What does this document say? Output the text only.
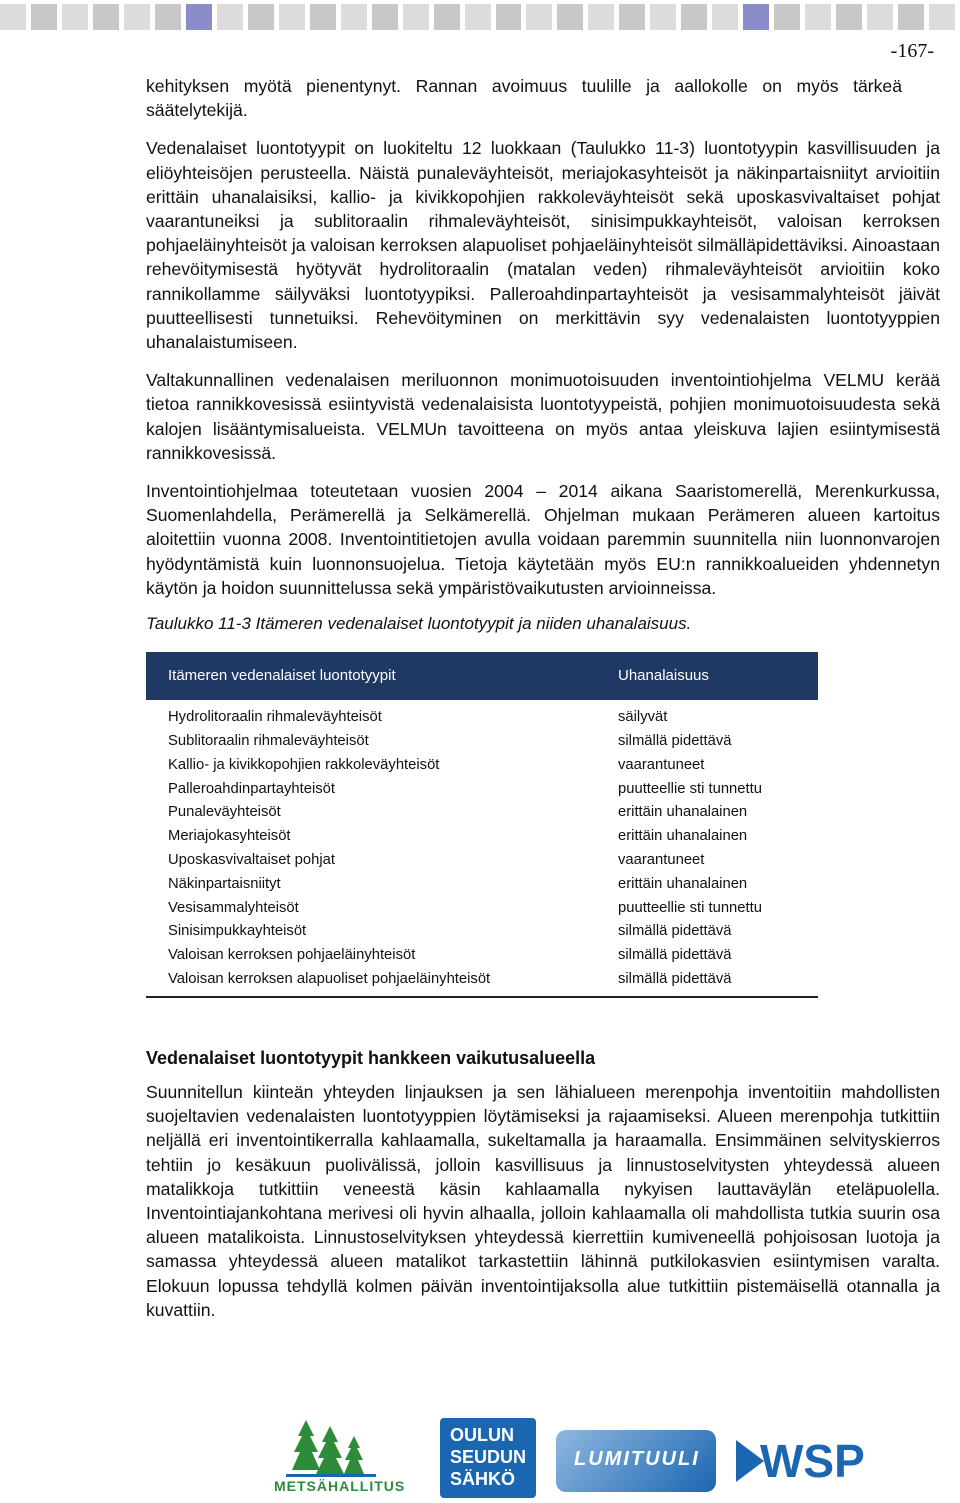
-167-

kehityksen myötä pienentynyt. Rannan avoimuus tuulille ja aallokolle on myös tärkeä säätelytekijä.

Vedenalaiset luontotyypit on luokiteltu 12 luokkaan (Taulukko 11-3) luontotyypin kasvillisuuden ja eliöyhteisöjen perusteella. Näistä punaleväyhteisöt, meriajokasyhteisöt ja näkinpartaisniityt arvioitiin erittäin uhanalaisiksi, kallio- ja kivikkopohjien rakkoleväyhteisöt sekä uposkasvivaltaiset pohjat vaarantuneiksi ja sublitoraalin rihmaleväyhteisöt, sinisimpukkayhteisöt, valoisan kerroksen pohjaeläinyhteisöt ja valoisan kerroksen alapuoliset pohjaeläinyhteisöt silmälläpidettäviksi. Ainoastaan rehevöitymisestä hyötyvät hydrolitoraalin (matalan veden) rihmaleväyhteisöt arvioitiin koko rannikollamme säilyväksi luontotyypiksi. Palleroahdinpartayhteisöt ja vesisammalyhteisöt jäivät puutteellisesti tunnetuiksi. Rehevöityminen on merkittävin syy vedenalaisten luontotyyppien uhanalaistumiseen.

Valtakunnallinen vedenalaisen meriluonnon monimuotoisuuden inventointiohjelma VELMU kerää tietoa rannikkovesissä esiintyvistä vedenalaisista luontotyypeistä, pohjien monimuotoisuudesta sekä kalojen lisääntymisalueista. VELMUn tavoitteena on myös antaa yleiskuva lajien esiintymisestä rannikkovesissä.

Inventointiohjelmaa toteutetaan vuosien 2004 – 2014 aikana Saaristomerellä, Merenkurkussa, Suomenlahdella, Perämerellä ja Selkämerellä. Ohjelman mukaan Perämeren alueen kartoitus aloitettiin vuonna 2008. Inventointitietojen avulla voidaan paremmin suunnitella niin luonnonvarojen hyödyntämistä kuin luonnonsuojelua. Tietoja käytetään myös EU:n rannikkoalueiden yhdennetyn käytön ja hoidon suunnittelussa sekä ympäristövaikutusten arvioinneissa.

Taulukko 11-3 Itämeren vedenalaiset luontotyypit ja niiden uhanalaisuus.
Itämeren vedenalaiset luontotyypit	Uhanalaisuus
Hydrolitoraalin rihmaleväyhteisöt	säilyvät
Sublitoraalin rihmaleväyhteisöt	silmällä pidettävä
Kallio- ja kivikkopohjien rakkoleväyhteisöt	vaarantuneet
Palleroahdinpartayhteisöt	puutteellie sti tunnettu
Punaleväyhteisöt	erittäin uhanalainen
Meriajokasyhteisöt	erittäin uhanalainen
Uposkasvivaltaiset pohjat	vaarantuneet
Näkinpartaisniityt	erittäin uhanalainen
Vesisammalyhteisöt	puutteellie sti tunnettu
Sinisimpukkayhteisöt	silmällä pidettävä
Valoisan kerroksen pohjaeläinyhteisöt	silmällä pidettävä
Valoisan kerroksen alapuoliset pohjaeläinyhteisöt	silmällä pidettävä
Vedenalaiset luontotyypit hankkeen vaikutusalueella

Suunnitellun kiinteän yhteyden linjauksen ja sen lähialueen merenpohja inventoitiin mahdollisten suojeltavien vedenalaisten luontotyyppien löytämiseksi ja rajaamiseksi. Alueen merenpohja tutkittiin neljällä eri inventointikerralla kahlaamalla, sukeltamalla ja haraamalla. Ensimmäinen selvityskierros tehtiin jo kesäkuun puolivälissä, jolloin kasvillisuus ja linnustoselvitysten yhteydessä alueen matalikkoja tutkittiin veneestä käsin kahlaamalla nykyisen lauttaväylän eteläpuolella. Inventointiajankohtana merivesi oli hyvin alhaalla, jolloin kahlaamalla oli mahdollista tutkia suurin osa alueen matalikoista. Linnustoselvityksen yhteydessä kierrettiin kumiveneellä pohjoisosan luotoja ja samassa yhteydessä alueen matalikot tarkastettiin lähinnä putkilokasvien esiintymisen varalta. Elokuun lopussa tehdyllä kolmen päivän inventointijaksolla alue tutkittiin pistemäisellä otannalla ja kuvattiin.

METSÄHALLITUS
OULUN
SEUDUN
SÄHKÖ
LUMITUULI	WSP
